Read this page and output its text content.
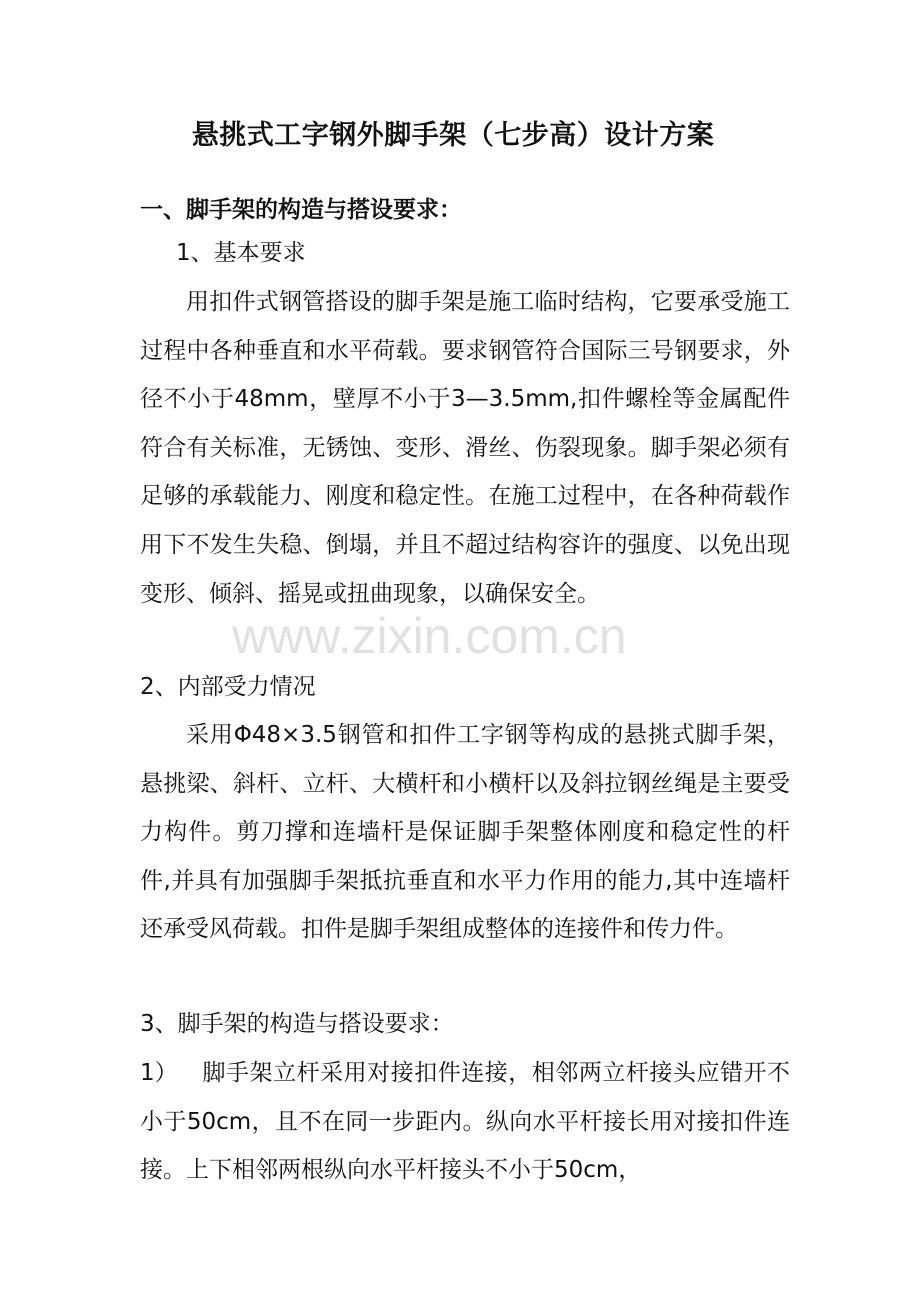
悬挑式工字钢外脚手架（七步高）设计方案
一、脚手架的构造与搭设要求：
1、基本要求

用扣件式钢管搭设的脚手架是施工临时结构，它要承受施工过程中各种垂直和水平荷载。要求钢管符合国际三号钢要求，外径不小于48mm，壁厚不小于3—3.5mm,扣件螺栓等金属配件符合有关标准，无锈蚀、变形、滑丝、伤裂现象。脚手架必须有足够的承载能力、刚度和稳定性。在施工过程中，在各种荷载作用下不发生失稳、倒塌，并且不超过结构容许的强度、以免出现变形、倾斜、摇晃或扭曲现象，以确保安全。

2、内部受力情况

采用Φ48×3.5钢管和扣件工字钢等构成的悬挑式脚手架，悬挑梁、斜杆、立杆、大横杆和小横杆以及斜拉钢丝绳是主要受力构件。剪刀撑和连墙杆是保证脚手架整体刚度和稳定性的杆件,并具有加强脚手架抵抗垂直和水平力作用的能力,其中连墙杆还承受风荷载。扣件是脚手架组成整体的连接件和传力件。

3、脚手架的构造与搭设要求：

1） 脚手架立杆采用对接扣件连接，相邻两立杆接头应错开不小于50cm，且不在同一步距内。纵向水平杆接长用对接扣件连接。上下相邻两根纵向水平杆接头不小于50cm，

www.zixin.com.cn
